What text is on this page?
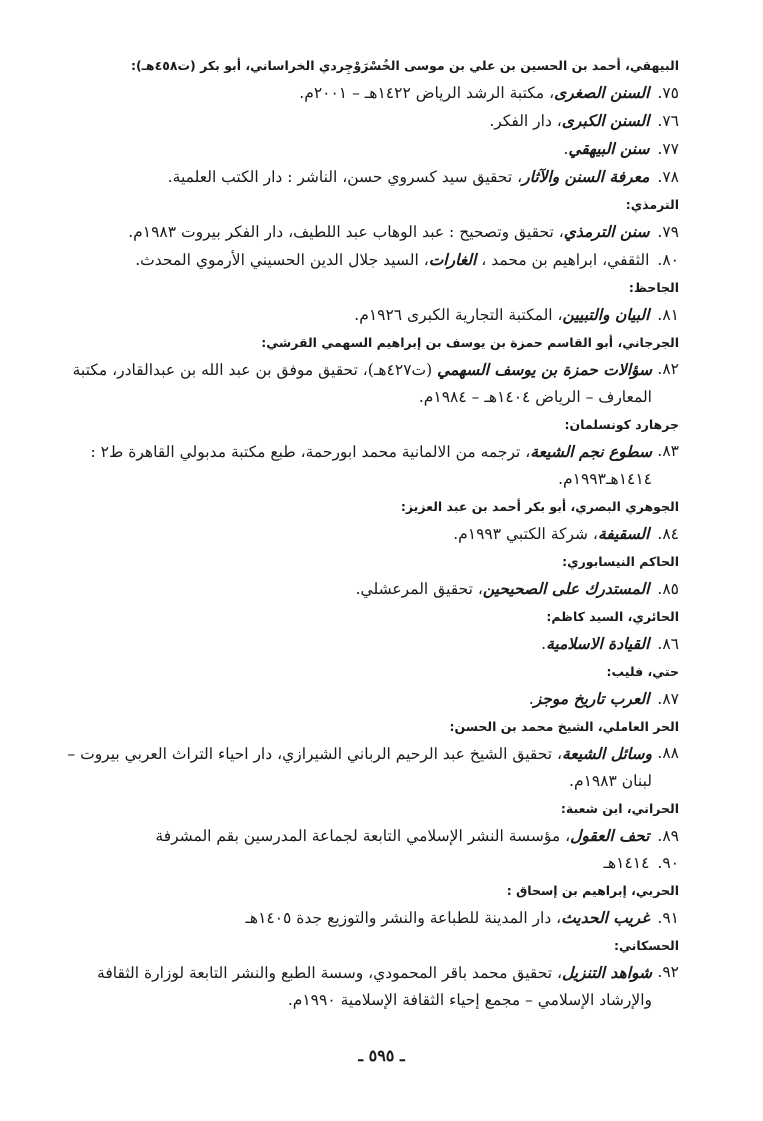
البيهقي، أحمد بن الحسين بن علي بن موسى الخُسْرَوْجِردي الخراساني، أبو بكر (ت٤٥٨هـ):
٧٥. السنن الصغرى، مكتبة الرشد الرياض ١٤٢٢هـ – ٢٠٠١م.
٧٦. السنن الكبرى، دار الفكر.
٧٧. سنن البيهقي.
٧٨. معرفة السنن والآثار، تحقيق سيد كسروي حسن، الناشر : دار الكتب العلمية.
الترمذي:
٧٩. سنن الترمذي، تحقيق وتصحيح : عبد الوهاب عبد اللطيف، دار الفكر بيروت ١٩٨٣م.
٨٠. الثقفي، ابراهيم بن محمد ، الغارات، السيد جلال الدين الحسيني الأرموي المحدث.
الجاحظ:
٨١. البيان والتبيين، المكتبة التجارية الكبرى ١٩٢٦م.
الجرجاني، أبو القاسم حمزة بن يوسف بن إبراهيم السهمي القرشي:
٨٢.
سؤالات حمزة بن يوسف السهمي (ت٤٢٧هـ)، تحقيق موفق بن عبد الله بن عبدالقادر، مكتبة المعارف – الرياض ١٤٠٤هـ – ١٩٨٤م.
جرهارد كونسلمان:
٨٣.
سطوع نجم الشيعة، ترجمه من الالمانية محمد ابورحمة، طبع مكتبة مدبولي القاهرة ط٢ : ١٤١٤هـ١٩٩٣م.
الجوهري البصري، أبو بكر أحمد بن عبد العزيز:
٨٤. السقيفة، شركة الكتبي ١٩٩٣م.
الحاكم النيسابوري:
٨٥. المستدرك على الصحيحين، تحقيق المرعشلي.
الحائري، السيد كاظم:
٨٦. القيادة الاسلامية.
حتي، فليب:
٨٧. العرب تاريخ موجز.
الحر العاملي، الشيخ محمد بن الحسن:
٨٨.
وسائل الشيعة، تحقيق الشيخ عبد الرحيم الرباني الشيرازي، دار احياء التراث العربي بيروت – لبنان ١٩٨٣م.
الحراني، ابن شعبة:
٨٩. تحف العقول، مؤسسة النشر الإسلامي التابعة لجماعة المدرسين بقم المشرفة
٩٠. ١٤١٤هـ
الحربي، إبراهيم بن إسحاق :
٩١. غريب الحديث، دار المدينة للطباعة والنشر والتوزيع جدة ١٤٠٥هـ
الحسكاني:
٩٢.
شواهد التنزيل، تحقيق محمد باقر المحمودي، وسسة الطبع والنشر التابعة لوزارة الثقافة والإرشاد الإسلامي – مجمع إحياء الثقافة الإسلامية ١٩٩٠م.
ـ ٥٩٥ ـ
